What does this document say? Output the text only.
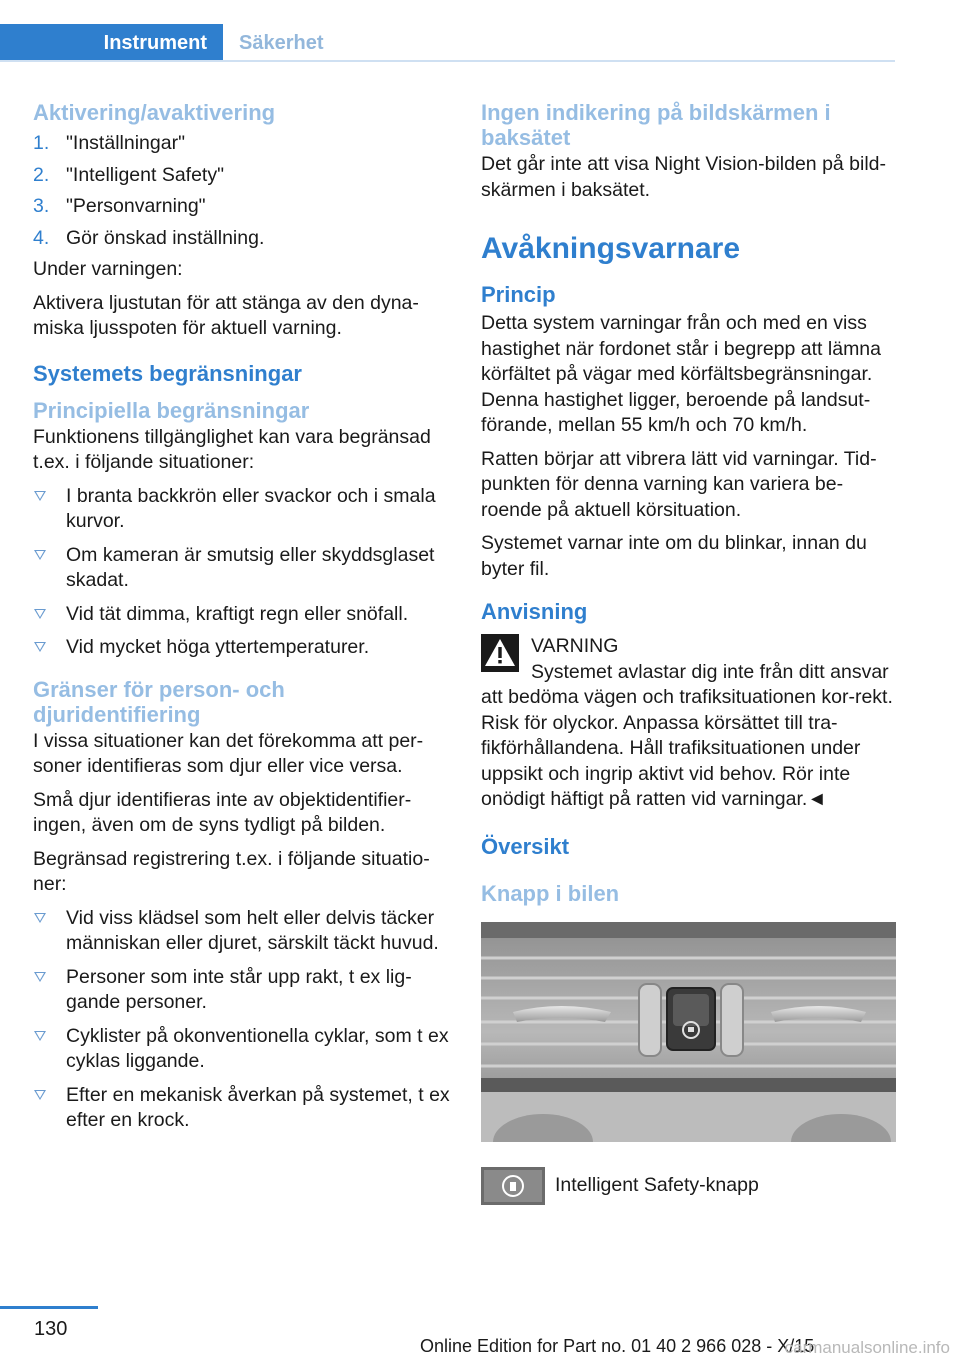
Instrument Säkerhet
Aktivering/avaktivering
1. "Inställningar"
2. "Intelligent Safety"
3. "Personvarning"
4. Gör önskad inställning.

Under varningen:

Aktivera ljustutan för att stänga av den dyna-miska ljusspoten för aktuell varning.

Systemets begränsningar
Principiella begränsningar

Funktionens tillgänglighet kan vara begränsad t.ex. i följande situationer:

I branta backkrön eller svackor och i smala kurvor.
Om kameran är smutsig eller skyddsglaset skadat.
Vid tät dimma, kraftigt regn eller snöfall.
Vid mycket höga yttertemperaturer.
Gränser för person- och djuridentifiering

I vissa situationer kan det förekomma att per-soner identifieras som djur eller vice versa.

Små djur identifieras inte av objektidentifier-ingen, även om de syns tydligt på bilden.

Begränsad registrering t.ex. i följande situatio-ner:

Vid viss klädsel som helt eller delvis täcker människan eller djuret, särskilt täckt huvud.
Personer som inte står upp rakt, t ex lig-gande personer.
Cyklister på okonventionella cyklar, som t ex cyklas liggande.
Efter en mekanisk åverkan på systemet, t ex efter en krock.
Ingen indikering på bildskärmen i baksätet

Det går inte att visa Night Vision-bilden på bild-skärmen i baksätet.

Avåkningsvarnare
Princip

Detta system varningar från och med en viss hastighet när fordonet står i begrepp att lämna körfältet på vägar med körfältsbegränsningar. Denna hastighet ligger, beroende på landsut-förande, mellan 55 km/h och 70 km/h.

Ratten börjar att vibrera lätt vid varningar. Tid-punkten för denna varning kan variera be-roende på aktuell körsituation.

Systemet varnar inte om du blinkar, innan du byter fil.

Anvisning

VARNING

Systemet avlastar dig inte från ditt ansvar

att bedöma vägen och trafiksituationen kor-rekt. Risk för olyckor. Anpassa körsättet till tra-fikförhållandena. Håll trafiksituationen under uppsikt och ingrip aktivt vid behov. Rör inte onödigt häftigt på ratten vid varningar.◄

Översikt
Knapp i bilen
Intelligent Safety-knapp
130
Online Edition for Part no. 01 40 2 966 028 - X/15
carmanualsonline.info
